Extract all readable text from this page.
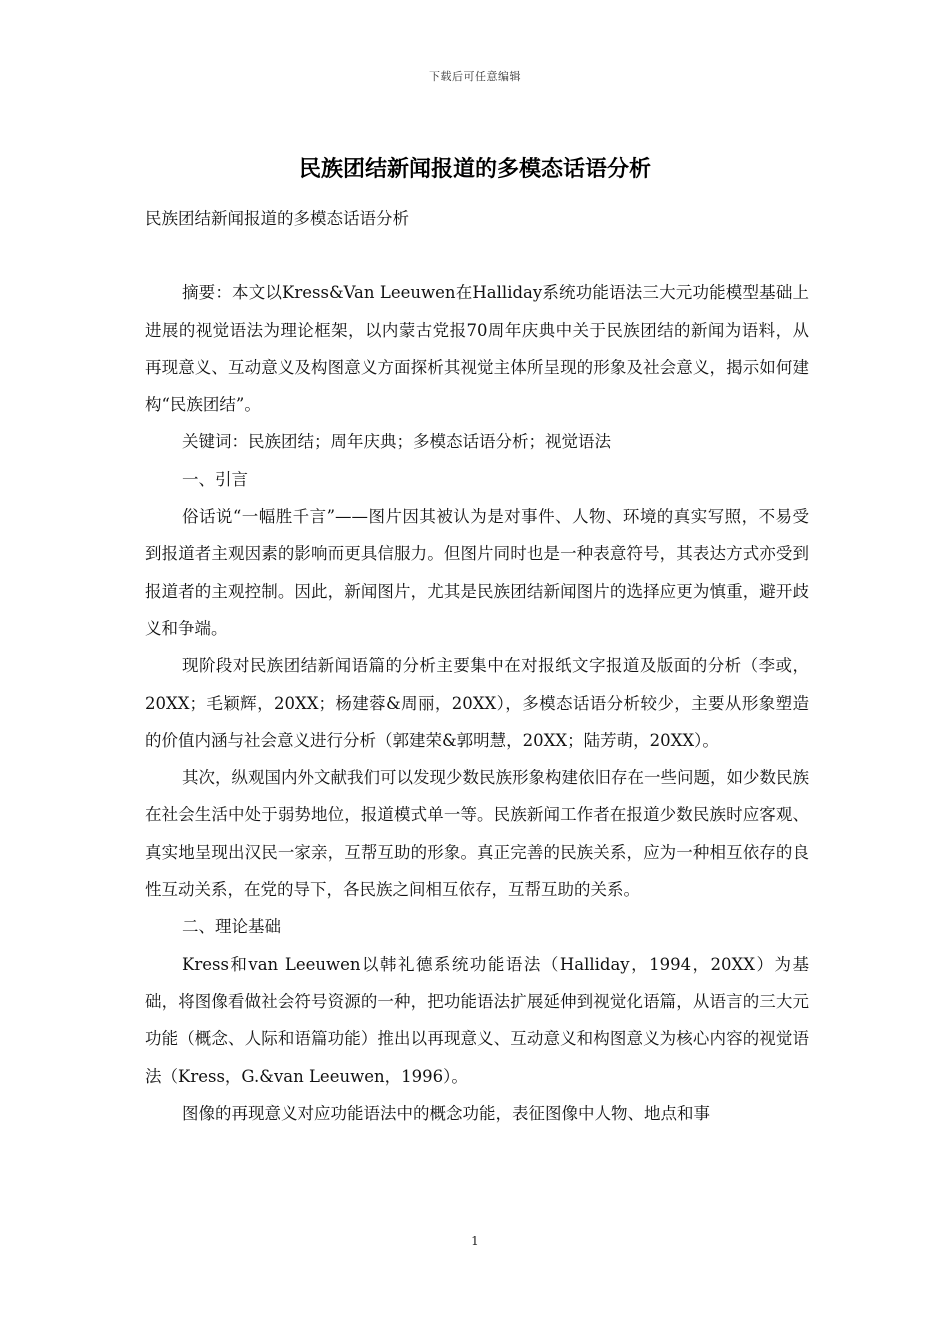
下载后可任意编辑
民族团结新闻报道的多模态话语分析

民族团结新闻报道的多模态话语分析

摘要：本文以Kress&Van Leeuwen在Halliday系统功能语法三大元功能模型基础上进展的视觉语法为理论框架，以内蒙古党报70周年庆典中关于民族团结的新闻为语料，从再现意义、互动意义及构图意义方面探析其视觉主体所呈现的形象及社会意义，揭示如何建构“民族团结”。

关键词：民族团结；周年庆典；多模态话语分析；视觉语法

一、引言

俗话说“一幅胜千言”——图片因其被认为是对事件、人物、环境的真实写照，不易受到报道者主观因素的影响而更具信服力。但图片同时也是一种表意符号，其表达方式亦受到报道者的主观控制。因此，新闻图片，尤其是民族团结新闻图片的选择应更为慎重，避开歧义和争端。

现阶段对民族团结新闻语篇的分析主要集中在对报纸文字报道及版面的分析（李或，20XX；毛颖辉，20XX；杨建蓉&周丽，20XX），多模态话语分析较少，主要从形象塑造的价值内涵与社会意义进行分析（郭建荣&郭明慧，20XX；陆芳萌，20XX）。

其次，纵观国内外文献我们可以发现少数民族形象构建依旧存在一些问题，如少数民族在社会生活中处于弱势地位，报道模式单一等。民族新闻工作者在报道少数民族时应客观、真实地呈现出汉民一家亲，互帮互助的形象。真正完善的民族关系，应为一种相互依存的良性互动关系，在党的导下，各民族之间相互依存，互帮互助的关系。

二、理论基础

Kress和van Leeuwen以韩礼德系统功能语法（Halliday，1994，20XX）为基础，将图像看做社会符号资源的一种，把功能语法扩展延伸到视觉化语篇，从语言的三大元功能（概念、人际和语篇功能）推出以再现意义、互动意义和构图意义为核心内容的视觉语法（Kress，G.&van Leeuwen，1996）。

图像的再现意义对应功能语法中的概念功能，表征图像中人物、地点和事

1
